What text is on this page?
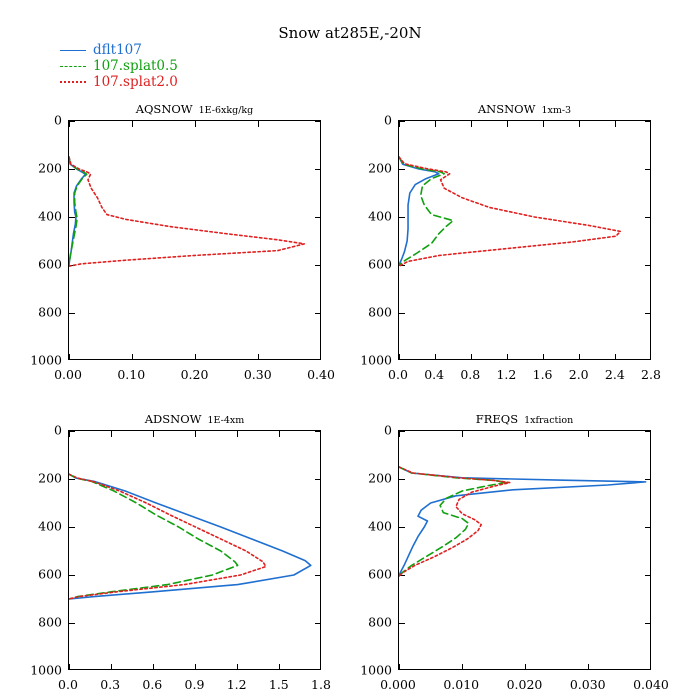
Snow at285E,-20N
dflt107
107.splat0.5
107.splat2.0
AQSNOW 1E-6xkg/kg
0
200
400
600
800
1000
0.00	0.10	0.20	0.30	0.40
ANSNOW 1xm-3
0
200
400
600
800
1000
0.0 0.4 0.8 1.2 1.6 2.0 2.4 2.8
ADSNOW 1E-4xm
0
200
400
600
800
1000
0.0 0.3 0.6 0.9 1.2 1.5 1.8
FREQS 1xfraction
0
200
400
600
800
1000
0.000 0.010 0.020 0.030 0.040
